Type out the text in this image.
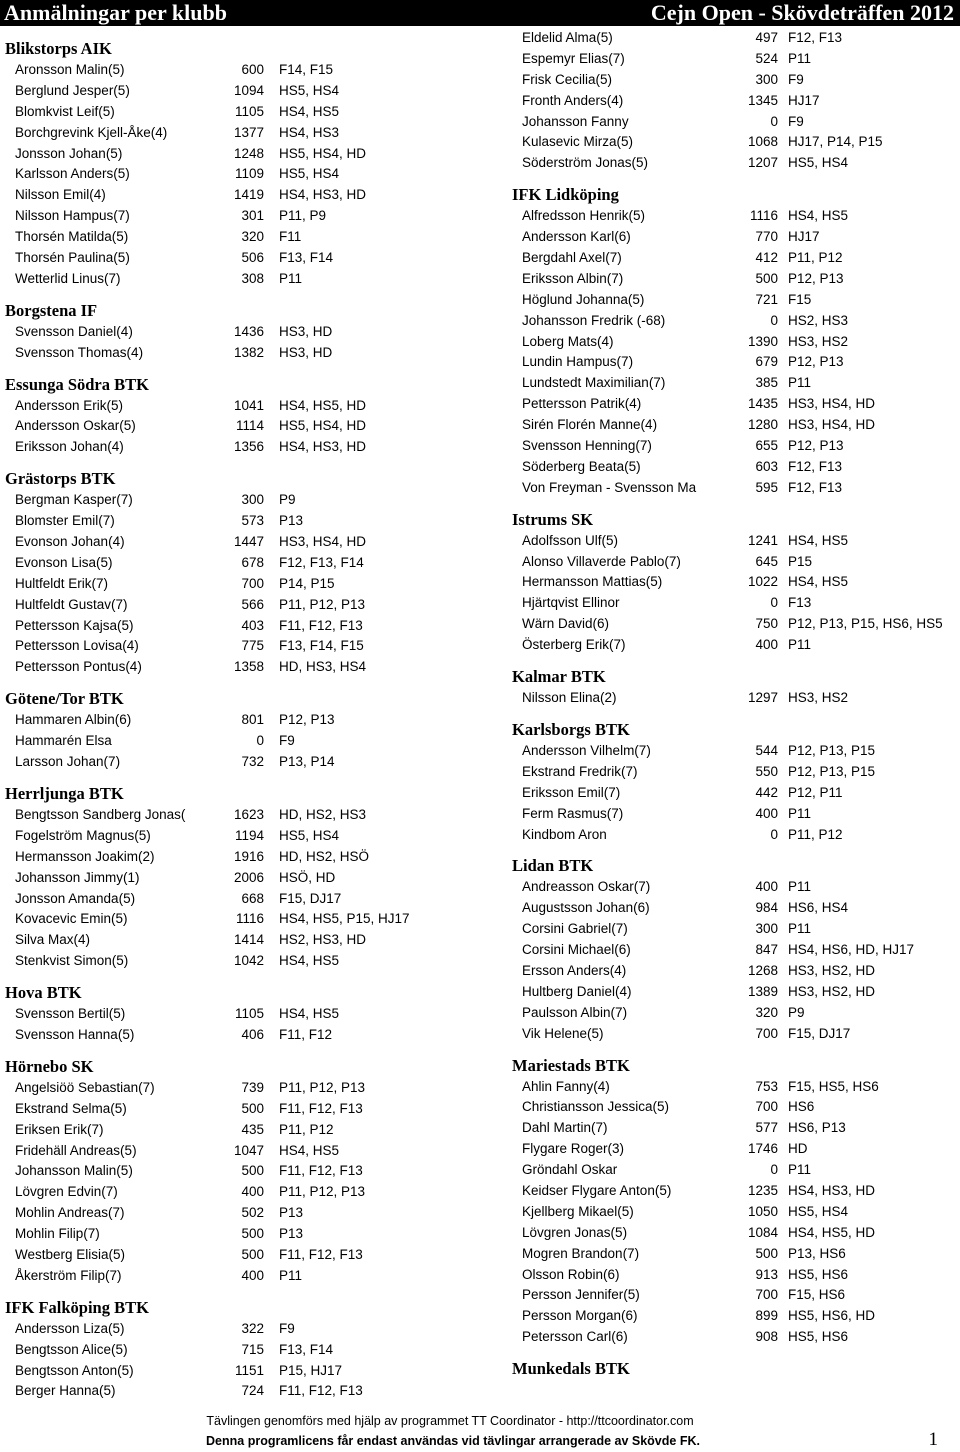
Anmälningar per klubb	Cejn Open - Skövdeträffen 2012
Blikstorps AIK
Aronsson Malin(5)	600 F14, F15
Berglund Jesper(5)	1094 HS5, HS4
Blomkvist Leif(5)	1105 HS4, HS5
Borchgrevink Kjell-Åke(4)	1377 HS4, HS3
Jonsson Johan(5)	1248 HS5, HS4, HD
Karlsson Anders(5)	1109 HS5, HS4
Nilsson Emil(4)	1419 HS4, HS3, HD
Nilsson Hampus(7)	301 P11, P9
Thorsén Matilda(5)	320 F11
Thorsén Paulina(5)	506 F13, F14
Wetterlid Linus(7)	308 P11
Borgstena IF
Svensson Daniel(4)	1436 HS3, HD
Svensson Thomas(4)	1382 HS3, HD
Essunga Södra BTK
Andersson Erik(5)	1041 HS4, HS5, HD
Andersson Oskar(5)	1114 HS5, HS4, HD
Eriksson Johan(4)	1356 HS4, HS3, HD
Grästorps BTK
Bergman Kasper(7)	300 P9
Blomster Emil(7)	573 P13
Evonson Johan(4)	1447 HS3, HS4, HD
Evonson Lisa(5)	678 F12, F13, F14
Hultfeldt Erik(7)	700 P14, P15
Hultfeldt Gustav(7)	566 P11, P12, P13
Pettersson Kajsa(5)	403 F11, F12, F13
Pettersson Lovisa(4)	775 F13, F14, F15
Pettersson Pontus(4)	1358 HD, HS3, HS4
Götene/Tor BTK
Hammaren Albin(6)	801 P12, P13
Hammarén Elsa	0 F9
Larsson Johan(7)	732 P13, P14
Herrljunga BTK
Bengtsson Sandberg Jonas(	1623 HD, HS2, HS3
Fogelström Magnus(5)	1194 HS5, HS4
Hermansson Joakim(2)	1916 HD, HS2, HSÖ
Johansson Jimmy(1)	2006 HSÖ, HD
Jonsson Amanda(5)	668 F15, DJ17
Kovacevic Emin(5)	1116 HS4, HS5, P15, HJ17
Silva Max(4)	1414 HS2, HS3, HD
Stenkvist Simon(5)	1042 HS4, HS5
Hova BTK
Svensson Bertil(5)	1105 HS4, HS5
Svensson Hanna(5)	406 F11, F12
Hörnebo SK
Angelsiöö Sebastian(7)	739 P11, P12, P13
Ekstrand Selma(5)	500 F11, F12, F13
Eriksen Erik(7)	435 P11, P12
Fridehäll Andreas(5)	1047 HS4, HS5
Johansson Malin(5)	500 F11, F12, F13
Lövgren Edvin(7)	400 P11, P12, P13
Mohlin Andreas(7)	502 P13
Mohlin Filip(7)	500 P13
Westberg Elisia(5)	500 F11, F12, F13
Åkerström Filip(7)	400 P11
IFK Falköping BTK
Andersson Liza(5)	322 F9
Bengtsson Alice(5)	715 F13, F14
Bengtsson Anton(5)	1151 P15, HJ17
Berger Hanna(5)	724 F11, F12, F13
Eldelid Alma(5)	497 F12, F13
Espemyr Elias(7)	524 P11
Frisk Cecilia(5)	300 F9
Fronth Anders(4)	1345 HJ17
Johansson Fanny	0 F9
Kulasevic Mirza(5)	1068 HJ17, P14, P15
Söderström Jonas(5)	1207 HS5, HS4
IFK Lidköping
Alfredsson Henrik(5)	1116 HS4, HS5
Andersson Karl(6)	770 HJ17
Bergdahl Axel(7)	412 P11, P12
Eriksson Albin(7)	500 P12, P13
Höglund Johanna(5)	721 F15
Johansson Fredrik (-68)	0 HS2, HS3
Loberg Mats(4)	1390 HS3, HS2
Lundin Hampus(7)	679 P12, P13
Lundstedt Maximilian(7)	385 P11
Pettersson Patrik(4)	1435 HS3, HS4, HD
Sirén Florén Manne(4)	1280 HS3, HS4, HD
Svensson Henning(7)	655 P12, P13
Söderberg Beata(5)	603 F12, F13
Von Freyman - Svensson Ma	595 F12, F13
Istrums SK
Adolfsson Ulf(5)	1241 HS4, HS5
Alonso Villaverde Pablo(7)	645 P15
Hermansson Mattias(5)	1022 HS4, HS5
Hjärtqvist Ellinor	0 F13
Wärn David(6)	750 P12, P13, P15, HS6, HS5
Österberg Erik(7)	400 P11
Kalmar BTK
Nilsson Elina(2)	1297 HS3, HS2
Karlsborgs BTK
Andersson Vilhelm(7)	544 P12, P13, P15
Ekstrand Fredrik(7)	550 P12, P13, P15
Eriksson Emil(7)	442 P12, P11
Ferm Rasmus(7)	400 P11
Kindbom Aron	0 P11, P12
Lidan BTK
Andreasson Oskar(7)	400 P11
Augustsson Johan(6)	984 HS6, HS4
Corsini Gabriel(7)	300 P11
Corsini Michael(6)	847 HS4, HS6, HD, HJ17
Ersson Anders(4)	1268 HS3, HS2, HD
Hultberg Daniel(4)	1389 HS3, HS2, HD
Paulsson Albin(7)	320 P9
Vik Helene(5)	700 F15, DJ17
Mariestads BTK
Ahlin Fanny(4)	753 F15, HS5, HS6
Christiansson Jessica(5)	700 HS6
Dahl Martin(7)	577 HS6, P13
Flygare Roger(3)	1746 HD
Gröndahl Oskar	0 P11
Keidser Flygare Anton(5)	1235 HS4, HS3, HD
Kjellberg Mikael(5)	1050 HS5, HS4
Lövgren Jonas(5)	1084 HS4, HS5, HD
Mogren Brandon(7)	500 P13, HS6
Olsson Robin(6)	913 HS5, HS6
Persson Jennifer(5)	700 F15, HS6
Persson Morgan(6)	899 HS5, HS6, HD
Petersson Carl(6)	908 HS5, HS6
Munkedals BTK
Tävlingen genomförs med hjälp av programmet TT Coordinator - http://ttcoordinator.com
Denna programlicens får endast användas vid tävlingar arrangerade av Skövde FK.	1
